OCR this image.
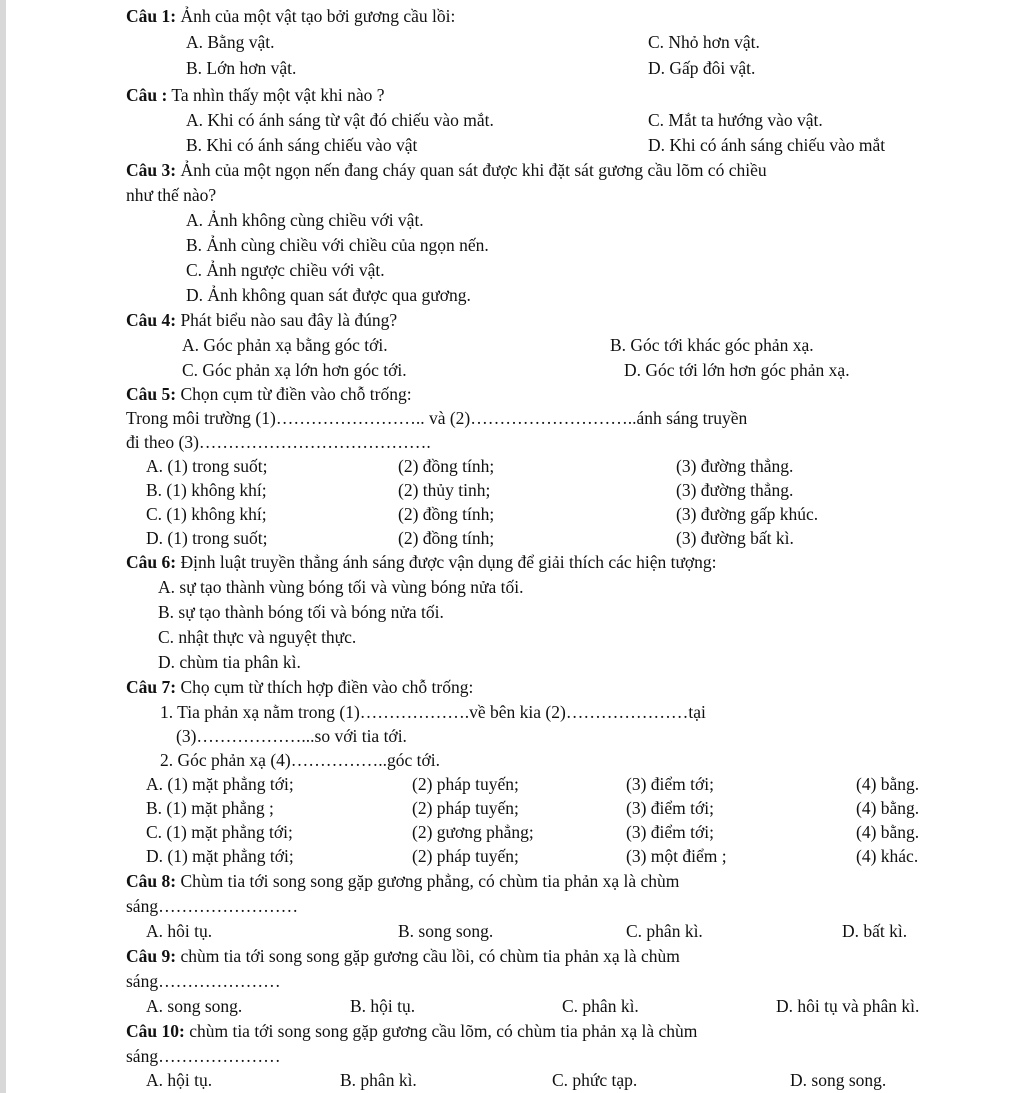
Câu 1: Ảnh của một vật tạo bởi gương cầu lồi:
A. Bằng vật.	C. Nhỏ hơn vật.
B. Lớn hơn vật.	D. Gấp đôi vật.
Câu : Ta nhìn thấy một vật khi nào ?
A. Khi có ánh sáng từ vật đó chiếu vào mắt.	C. Mắt ta hướng vào vật.
B. Khi có ánh sáng chiếu vào vật	D. Khi có ánh sáng chiếu vào mắt
Câu 3: Ảnh của một ngọn nến đang cháy quan sát được khi đặt sát gương cầu lõm có chiều
như thế nào?
A. Ảnh không cùng chiều với vật.
B. Ảnh cùng chiều với chiều của ngọn nến.
C. Ảnh ngược chiều với vật.
D. Ảnh không quan sát được qua gương.
Câu 4: Phát biểu nào sau đây là đúng?
A. Góc phản xạ bằng góc tới.	B. Góc tới khác góc phản xạ.
C. Góc phản xạ lớn hơn góc tới.	D. Góc tới lớn hơn góc phản xạ.
Câu 5: Chọn cụm từ điền vào chỗ trống:
Trong môi trường (1)…………………….. và (2)………………………..ánh sáng truyền
đi theo (3)………………………………….
A. (1) trong suốt;	(2) đồng tính;	(3) đường thẳng.
B. (1) không khí;	(2) thủy tinh;	(3) đường thẳng.
C. (1) không khí;	(2) đồng tính;	(3) đường gấp khúc.
D. (1) trong suốt;	(2) đồng tính;	(3) đường bất kì.
Câu 6: Định luật truyền thẳng ánh sáng được vận dụng để giải thích các hiện tượng:
A. sự tạo thành vùng bóng tối và vùng bóng nửa tối.
B. sự tạo thành bóng tối và bóng nửa tối.
C. nhật thực và nguyệt thực.
D. chùm tia phân kì.
Câu 7: Chọ cụm từ thích hợp điền vào chỗ trống:
1. Tia phản xạ nằm trong (1)……………….về bên kia (2)…………………tại
(3)………………...so với tia tới.
2. Góc phản xạ (4)……………..góc tới.
A. (1) mặt phẳng tới;	(2) pháp tuyến;	(3) điểm tới;	(4) bằng.
B. (1) mặt phẳng ;	(2) pháp tuyến;	(3) điểm tới;	(4) bằng.
C. (1) mặt phẳng tới;	(2) gương phẳng;	(3) điểm tới;	(4) bằng.
D. (1) mặt phẳng tới;	(2) pháp tuyến;	(3) một điểm ;	(4) khác.
Câu 8: Chùm tia tới song song gặp gương phẳng, có chùm tia phản xạ là chùm
sáng……………………
A. hôi tụ.	B. song song.	C. phân kì.	D. bất kì.
Câu 9: chùm tia tới song song gặp gương cầu lồi, có chùm tia phản xạ là chùm
sáng…………………
A. song song.	B. hội tụ.	C. phân kì.	D. hôi tụ và phân kì.
Câu 10: chùm tia tới song song gặp gương cầu lõm, có chùm tia phản xạ là chùm
sáng…………………
A. hội tụ.	B. phân kì.	C. phức tạp.	D. song song.
